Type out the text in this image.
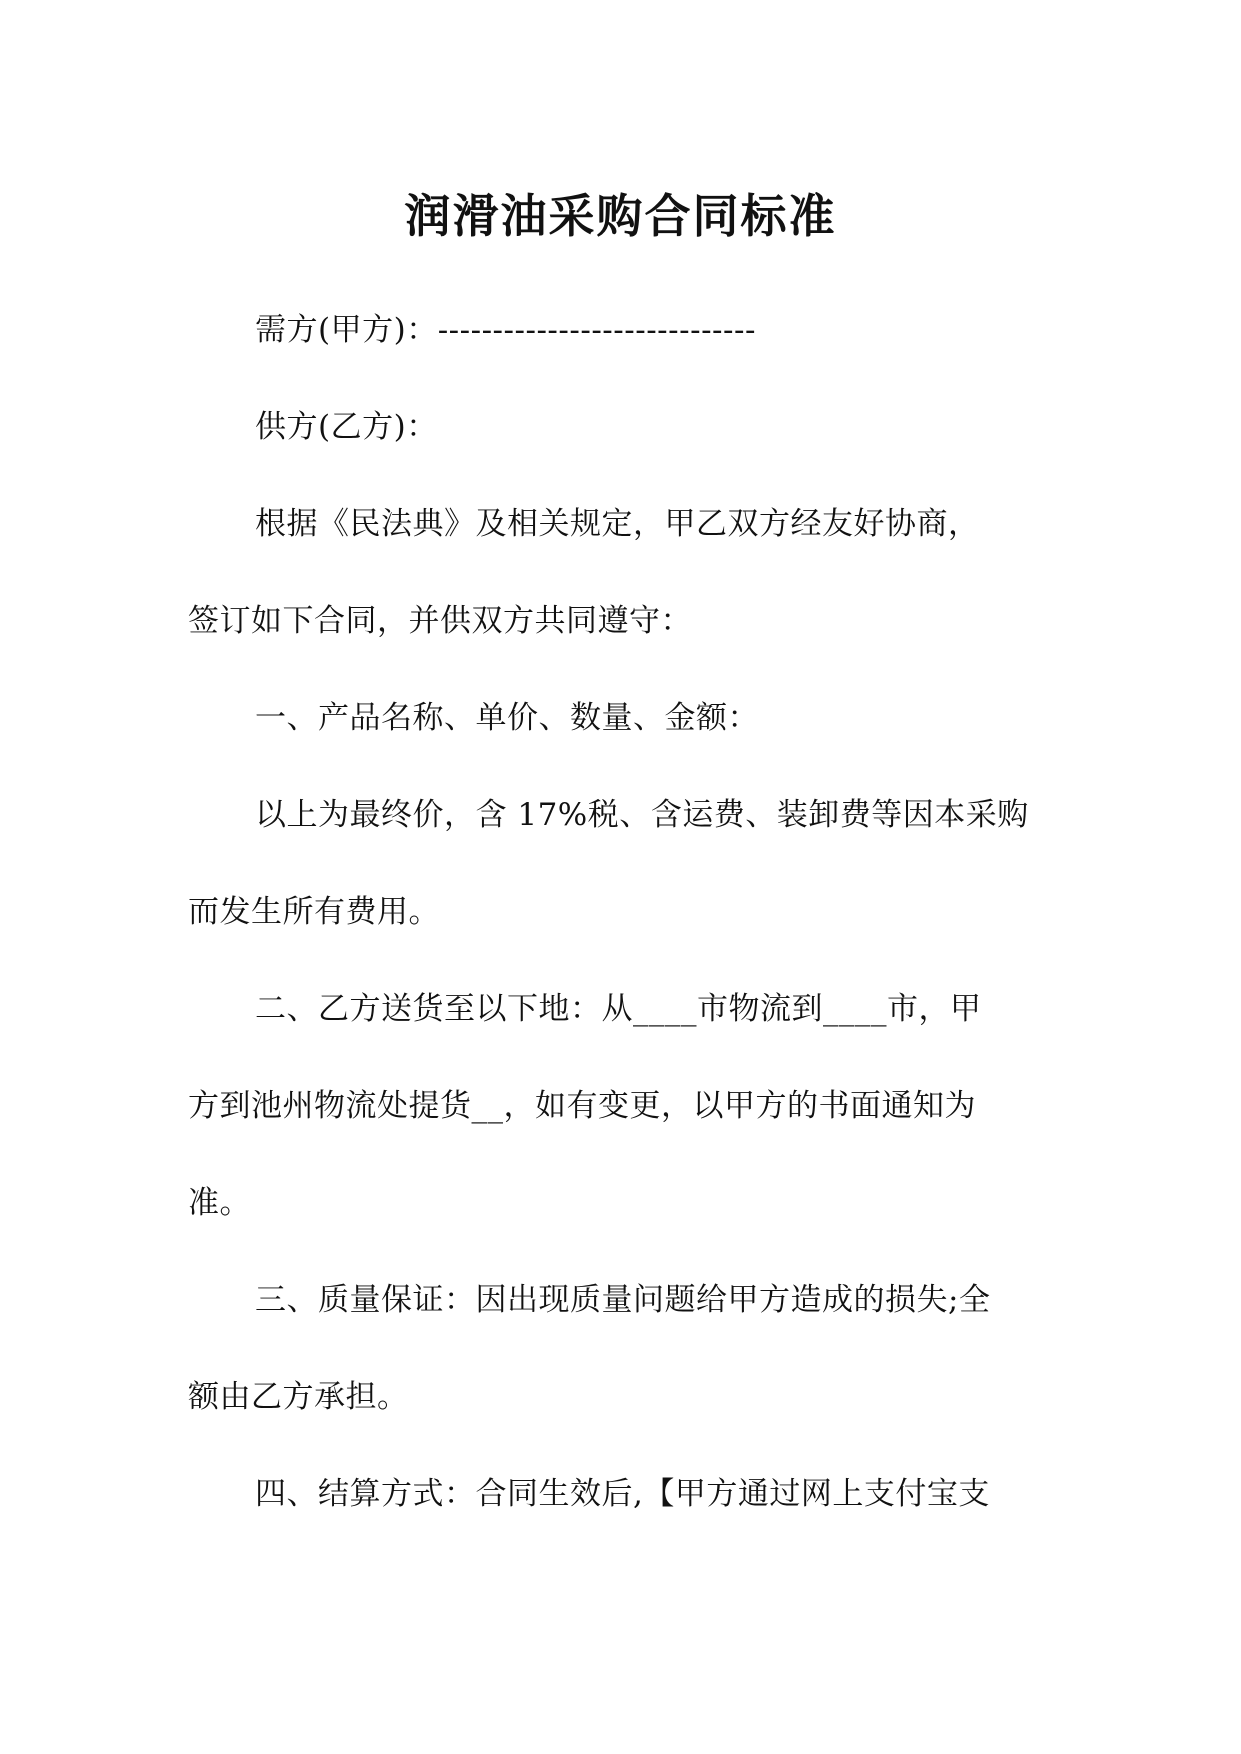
润滑油采购合同标准
需方(甲方)：-----------------------------
供方(乙方)：
根据《民法典》及相关规定，甲乙双方经友好协商，
签订如下合同，并供双方共同遵守：
一、产品名称、单价、数量、金额：
以上为最终价，含 17%税、含运费、装卸费等因本采购
而发生所有费用。
二、乙方送货至以下地：从____市物流到____市，甲
方到池州物流处提货__，如有变更，以甲方的书面通知为
准。
三、质量保证：因出现质量问题给甲方造成的损失;全
额由乙方承担。
四、结算方式：合同生效后,【甲方通过网上支付宝支
